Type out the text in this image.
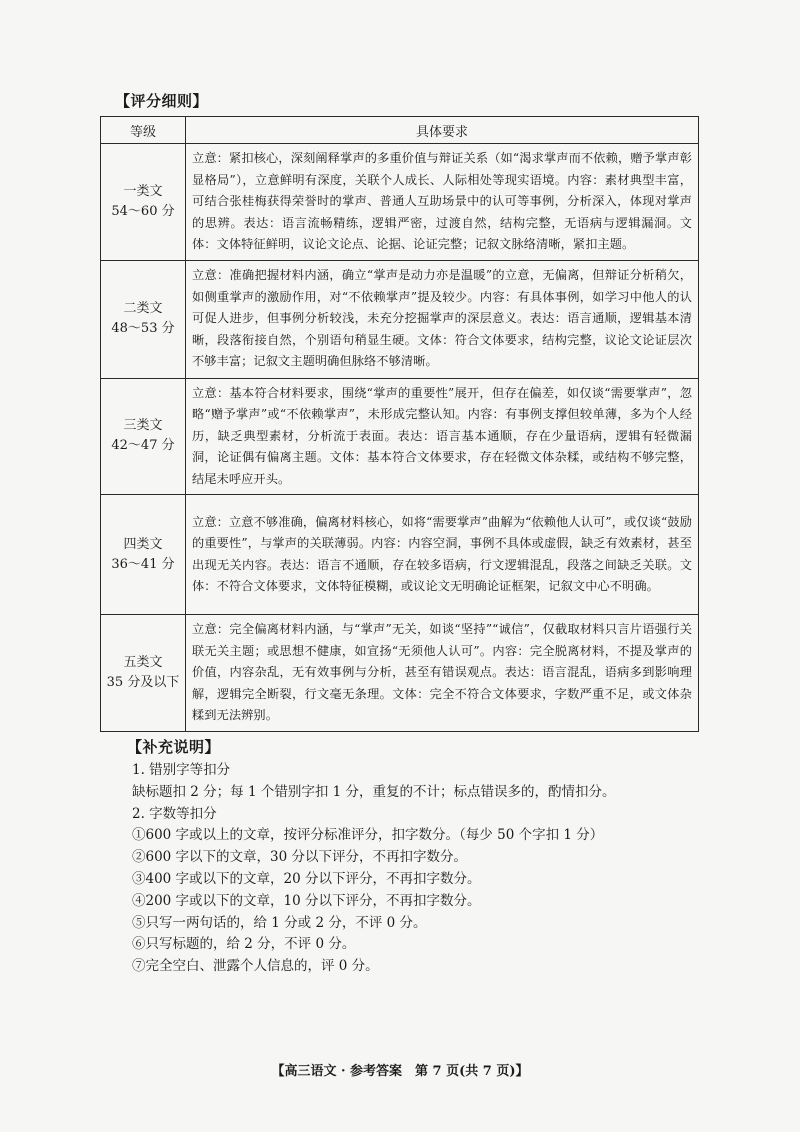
【评分细则】
等级	具体要求

一类文
54～60 分	立意：紧扣核心，深刻阐释掌声的多重价值与辩证关系（如“渴求掌声而不依赖，赠予掌声彰显格局”），立意鲜明有深度，关联个人成长、人际相处等现实语境。内容：素材典型丰富，可结合张桂梅获得荣誉时的掌声、普通人互助场景中的认可等事例，分析深入，体现对掌声的思辨。表达：语言流畅精练，逻辑严密，过渡自然，结构完整，无语病与逻辑漏洞。文体：文体特征鲜明，议论文论点、论据、论证完整；记叙文脉络清晰，紧扣主题。

二类文
48～53 分	立意：准确把握材料内涵，确立“掌声是动力亦是温暖”的立意，无偏离，但辩证分析稍欠，如侧重掌声的激励作用，对“不依赖掌声”提及较少。内容：有具体事例，如学习中他人的认可促人进步，但事例分析较浅，未充分挖掘掌声的深层意义。表达：语言通顺，逻辑基本清晰，段落衔接自然，个别语句稍显生硬。文体：符合文体要求，结构完整，议论文论证层次不够丰富；记叙文主题明确但脉络不够清晰。

三类文
42～47 分	立意：基本符合材料要求，围绕“掌声的重要性”展开，但存在偏差，如仅谈“需要掌声”，忽略“赠予掌声”或“不依赖掌声”，未形成完整认知。内容：有事例支撑但较单薄，多为个人经历，缺乏典型素材，分析流于表面。表达：语言基本通顺，存在少量语病，逻辑有轻微漏洞，论证偶有偏离主题。文体：基本符合文体要求，存在轻微文体杂糅，或结构不够完整，结尾未呼应开头。

四类文
36～41 分	立意：立意不够准确，偏离材料核心，如将“需要掌声”曲解为“依赖他人认可”，或仅谈“鼓励的重要性”，与掌声的关联薄弱。内容：内容空洞，事例不具体或虚假，缺乏有效素材，甚至出现无关内容。表达：语言不通顺，存在较多语病，行文逻辑混乱，段落之间缺乏关联。文体：不符合文体要求，文体特征模糊，或议论文无明确论证框架，记叙文中心不明确。

五类文
35 分及以下	立意：完全偏离材料内涵，与“掌声”无关，如谈“坚持”“诚信”，仅截取材料只言片语强行关联无关主题；或思想不健康，如宣扬“无须他人认可”。内容：完全脱离材料，不提及掌声的价值，内容杂乱，无有效事例与分析，甚至有错误观点。表达：语言混乱，语病多到影响理解，逻辑完全断裂，行文毫无条理。文体：完全不符合文体要求，字数严重不足，或文体杂糅到无法辨别。
【补充说明】
1. 错别字等扣分
缺标题扣 2 分；每 1 个错别字扣 1 分，重复的不计；标点错误多的，酌情扣分。
2. 字数等扣分
①600 字或以上的文章，按评分标准评分，扣字数分。（每少 50 个字扣 1 分）
②600 字以下的文章，30 分以下评分，不再扣字数分。
③400 字或以下的文章，20 分以下评分，不再扣字数分。
④200 字或以下的文章，10 分以下评分，不再扣字数分。
⑤只写一两句话的，给 1 分或 2 分，不评 0 分。
⑥只写标题的，给 2 分，不评 0 分。
⑦完全空白、泄露个人信息的，评 0 分。
【高三语文 · 参考答案　第 7 页(共 7 页)】
